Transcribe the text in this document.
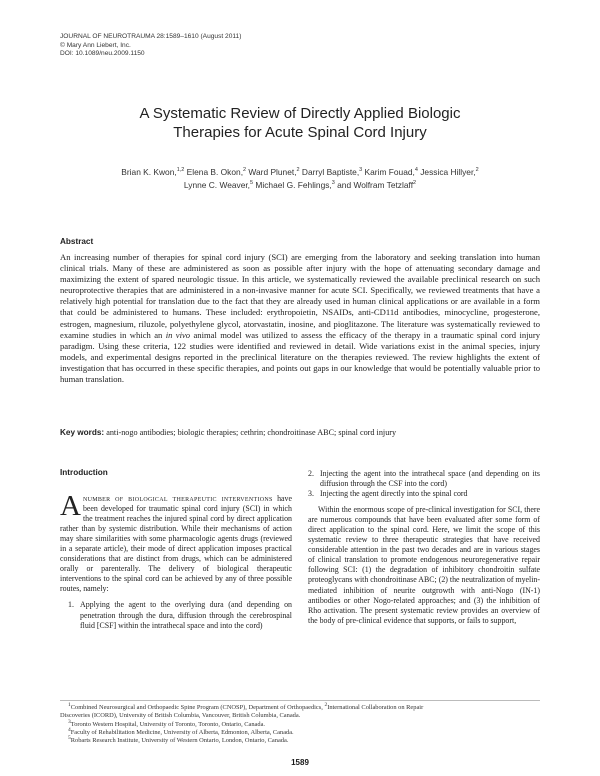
JOURNAL OF NEUROTRAUMA 28:1589–1610 (August 2011)
© Mary Ann Liebert, Inc.
DOI: 10.1089/neu.2009.1150
A Systematic Review of Directly Applied Biologic
Therapies for Acute Spinal Cord Injury
Brian K. Kwon,$^{1,2}$ Elena B. Okon,$^2$ Ward Plunet,$^2$ Darryl Baptiste,$^3$ Karim Fouad,$^4$ Jessica Hillyer,$^2$
Lynne C. Weaver,$^5$ Michael G. Fehlings,$^3$ and Wolfram Tetzlaff$^2$
Abstract
An increasing number of therapies for spinal cord injury (SCI) are emerging from the laboratory and seeking translation into human clinical trials. Many of these are administered as soon as possible after injury with the hope of attenuating secondary damage and maximizing the extent of spared neurologic tissue. In this article, we systematically reviewed the available preclinical research on such neuroprotective therapies that are administered in a non-invasive manner for acute SCI. Specifically, we reviewed treatments that have a relatively high potential for translation due to the fact that they are already used in human clinical applications or are available in a form that could be administered to humans. These included: erythropoietin, NSAIDs, anti-CD11d antibodies, minocycline, progesterone, estrogen, magnesium, riluzole, polyethylene glycol, atorvastatin, inosine, and pioglitazone. The literature was systematically reviewed to examine studies in which an in vivo animal model was utilized to assess the efficacy of the therapy in a traumatic spinal cord injury paradigm. Using these criteria, 122 studies were identified and reviewed in detail. Wide variations exist in the animal species, injury models, and experimental designs reported in the preclinical literature on the therapies reviewed. The review highlights the extent of investigation that has occurred in these specific therapies, and points out gaps in our knowledge that would be potentially valuable prior to human translation.
Key words: anti-nogo antibodies; biologic therapies; cethrin; chondroitinase ABC; spinal cord injury
Introduction

Anumber of biological therapeutic interventions have been developed for traumatic spinal cord injury (SCI) in which the treatment reaches the injured spinal cord by direct application rather than by systemic distribution. While their mechanisms of action may share similarities with some pharmacologic agents drugs (reviewed in a separate article), their mode of direct application imposes practical considerations that are distinct from drugs, which can be administered orally or parenterally. The delivery of biological therapeutic interventions to the spinal cord can be achieved by any of three possible routes, namely:

1. Applying the agent to the overlying dura (and depending on penetration through the dura, diffusion through the cerebrospinal fluid [CSF] within the intrathecal space and into the cord)
2. Injecting the agent into the intrathecal space (and depending on its diffusion through the CSF into the cord)
3. Injecting the agent directly into the spinal cord

Within the enormous scope of pre-clinical investigation for SCI, there are numerous compounds that have been evaluated after some form of direct application to the spinal cord. Here, we limit the scope of this systematic review to three therapeutic strategies that have received considerable attention in the past two decades and are in various stages of clinical translation to promote endogenous neuroregenerative repair following SCI: (1) the degradation of inhibitory chondroitin sulfate proteoglycans with chondroitinase ABC; (2) the neutralization of myelin-mediated inhibition of neurite outgrowth with anti-Nogo (IN-1) antibodies or other Nogo-related approaches; and (3) the inhibition of Rho activation. The present systematic review provides an overview of the body of pre-clinical evidence that supports, or fails to support,

$^1$Combined Neurosurgical and Orthopaedic Spine Program (CNOSP), Department of Orthopaedics, $^2$International Collaboration on Repair
Discoveries (ICORD), University of British Columbia, Vancouver, British Columbia, Canada.
$^3$Toronto Western Hospital, University of Toronto, Toronto, Ontario, Canada.
$^4$Faculty of Rehabilitation Medicine, University of Alberta, Edmonton, Alberta, Canada.
$^5$Robarts Research Institute, University of Western Ontario, London, Ontario, Canada.
1589
